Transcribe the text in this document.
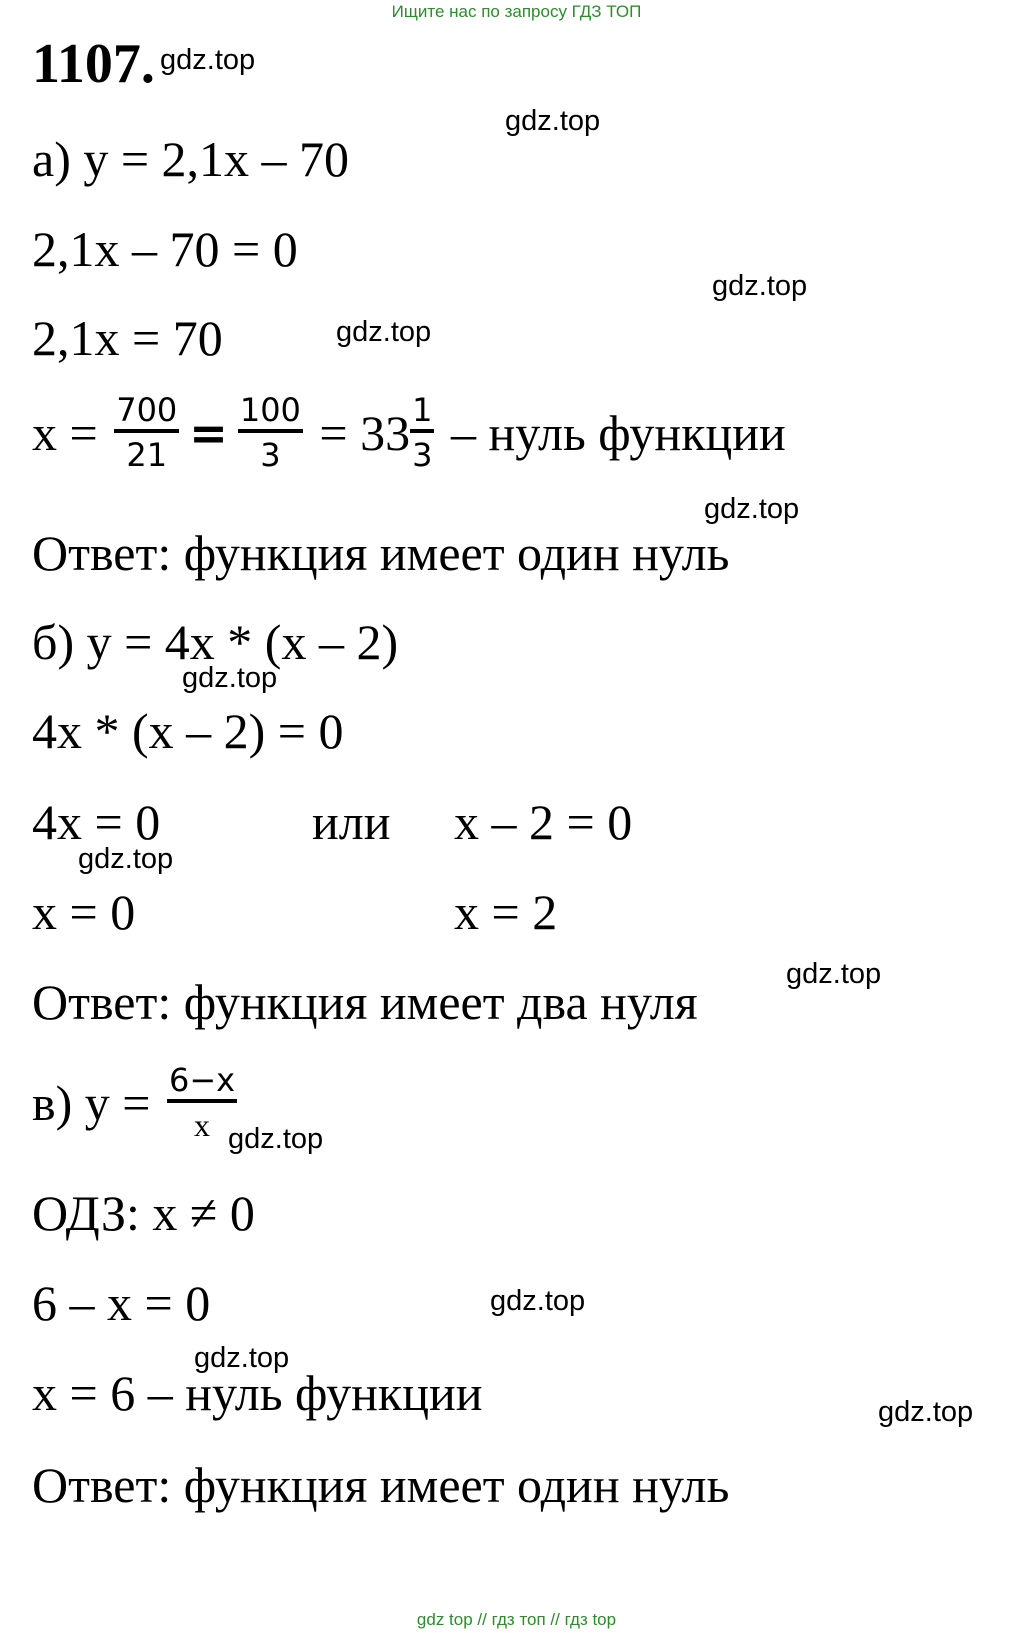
Ищите нас по запросу ГДЗ ТОП
1107. gdz.top
gdz.top
gdz.top
gdz.top
gdz.top
gdz.top
gdz.top
gdz.top
gdz.top
gdz.top
gdz.top
gdz.top
а) y = 2,1x – 70
2,1x – 70 = 0
2,1x = 70
$x = \frac{700}{21} = \frac{100}{3} = 33 \frac{1}{3}$ – нуль функции
Ответ: функция имеет один нуль
б) y = 4x * (x – 2)
4x * (x – 2) = 0
4x = 0	или x – 2 = 0
x = 0	x = 2
Ответ: функция имеет два нуля
в) $y = \frac{6-x}{x}$
ОДЗ: x ≠ 0
6 – x = 0
x = 6 – нуль функции
Ответ: функция имеет один нуль
gdz top // гдз топ // гдз top
